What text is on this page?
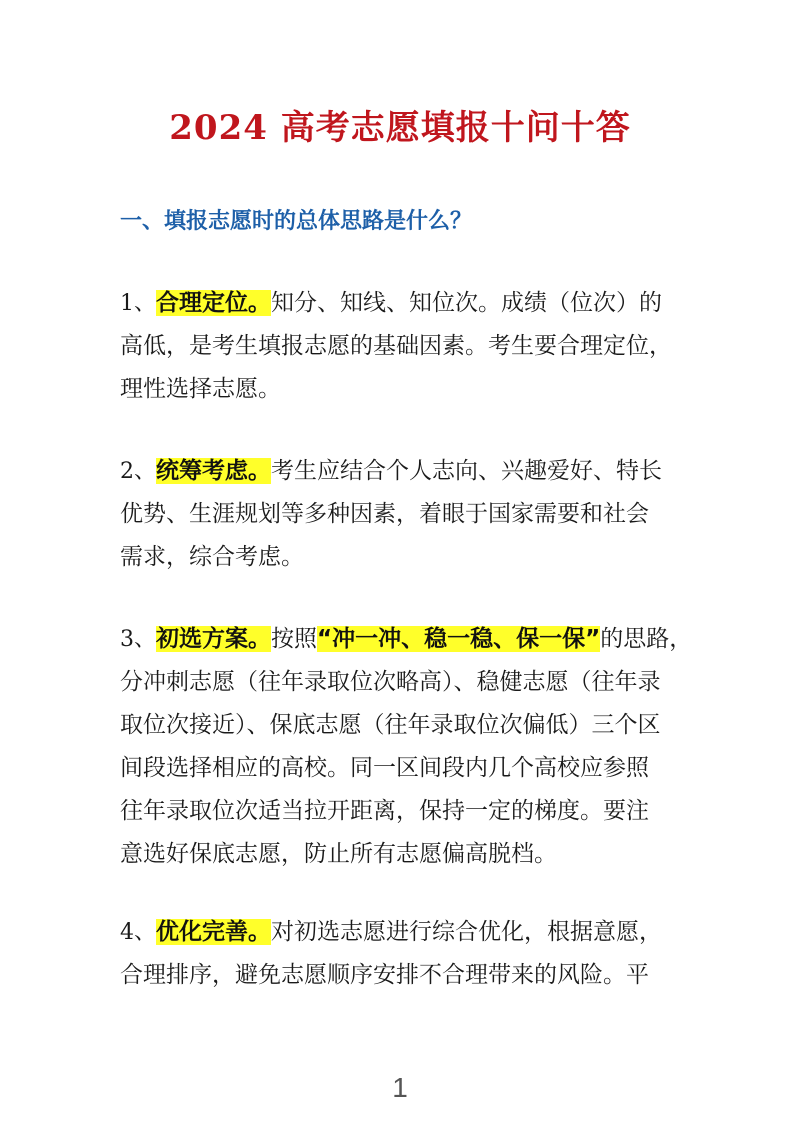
2024 高考志愿填报十问十答
一、填报志愿时的总体思路是什么？
1、合理定位。知分、知线、知位次。成绩（位次）的
高低，是考生填报志愿的基础因素。考生要合理定位，
理性选择志愿。
2、统筹考虑。考生应结合个人志向、兴趣爱好、特长
优势、生涯规划等多种因素，着眼于国家需要和社会
需求，综合考虑。
3、初选方案。按照“冲一冲、稳一稳、保一保”的思路，
分冲刺志愿（往年录取位次略高）、稳健志愿（往年录
取位次接近）、保底志愿（往年录取位次偏低）三个区
间段选择相应的高校。同一区间段内几个高校应参照
往年录取位次适当拉开距离，保持一定的梯度。要注
意选好保底志愿，防止所有志愿偏高脱档。
4、优化完善。对初选志愿进行综合优化，根据意愿，
合理排序，避免志愿顺序安排不合理带来的风险。平
1
